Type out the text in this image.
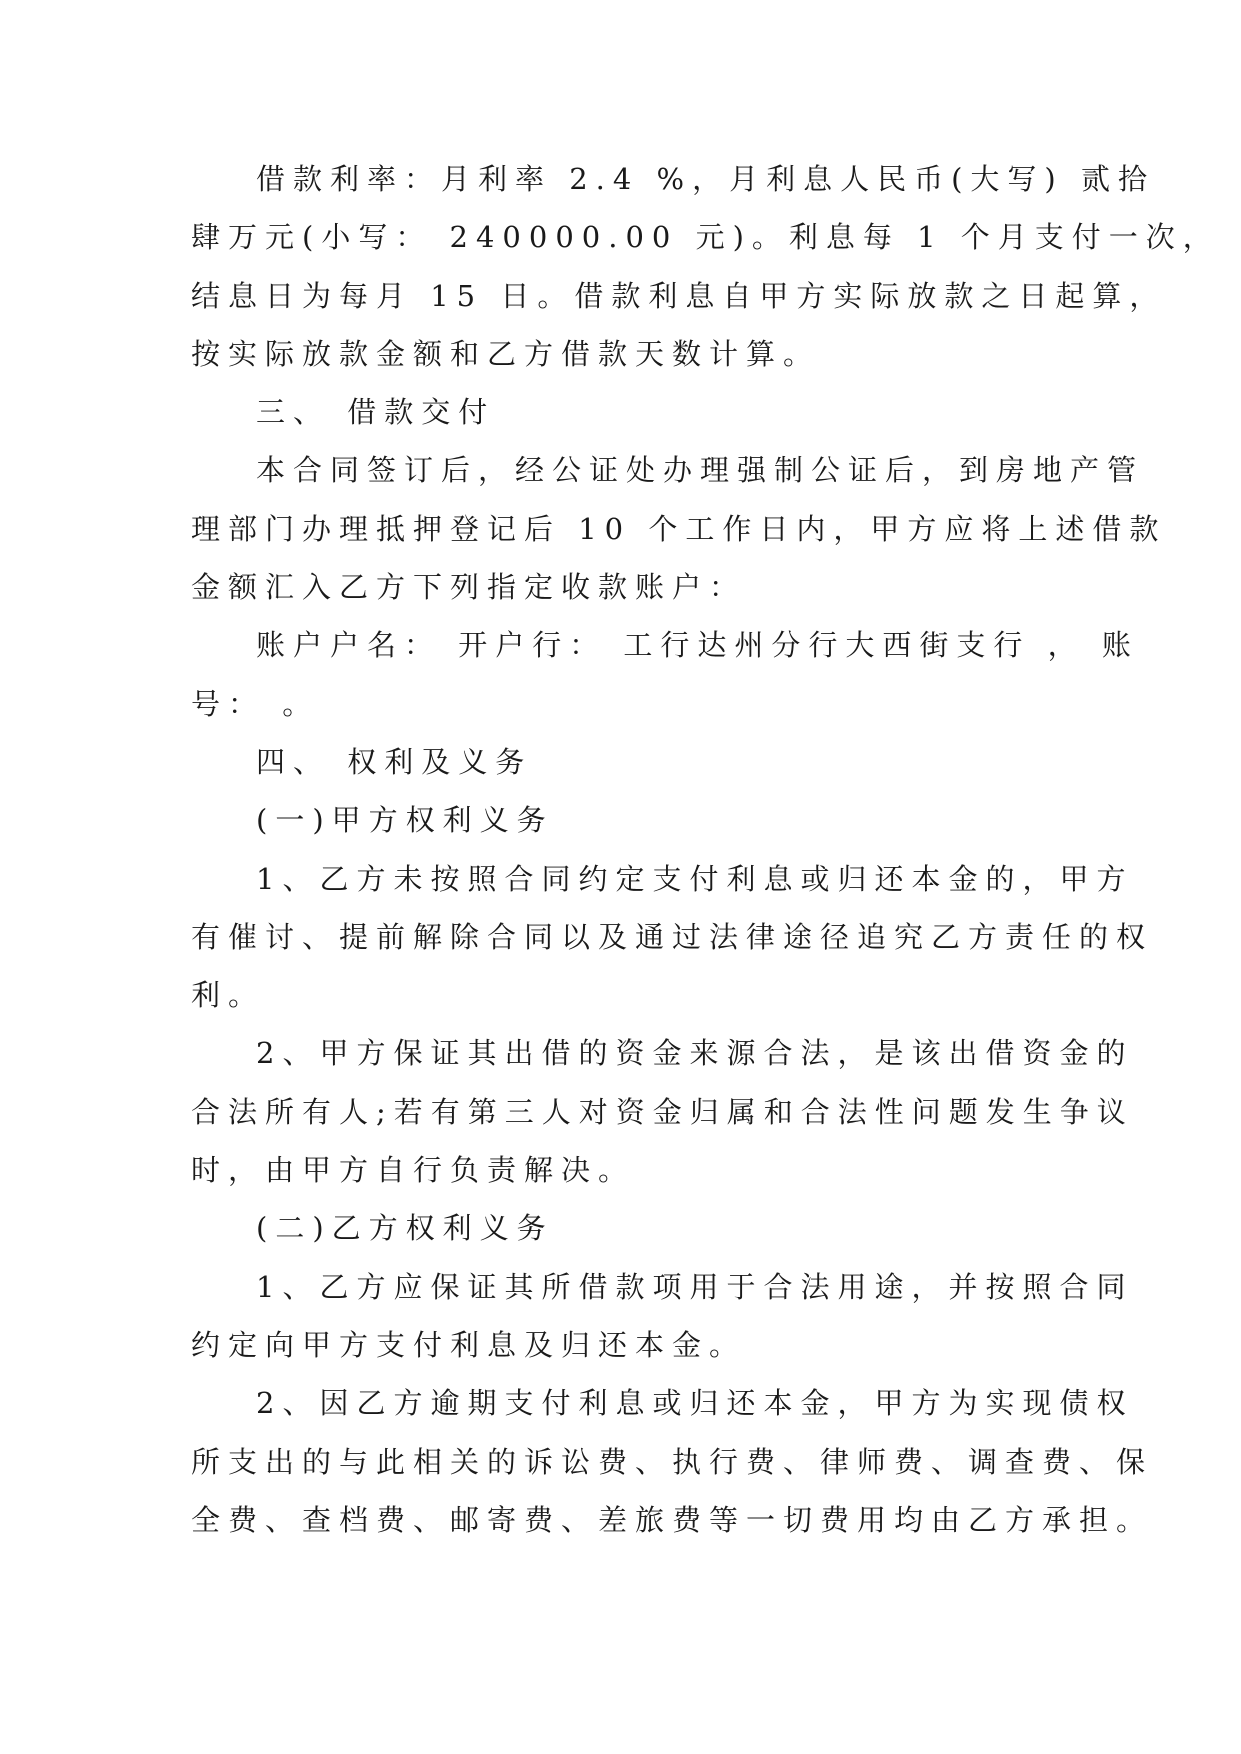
借款利率：月利率 2.4 %，月利息人民币(大写) 贰拾
肆万元(小写： 240000.00 元)。利息每 1 个月支付一次，
结息日为每月 15 日。借款利息自甲方实际放款之日起算，
按实际放款金额和乙方借款天数计算。
三、 借款交付
本合同签订后，经公证处办理强制公证后，到房地产管
理部门办理抵押登记后 10 个工作日内，甲方应将上述借款
金额汇入乙方下列指定收款账户：
账户户名： 开户行： 工行达州分行大西街支行 ， 账
号： 。
四、 权利及义务
(一)甲方权利义务
1、乙方未按照合同约定支付利息或归还本金的，甲方
有催讨、提前解除合同以及通过法律途径追究乙方责任的权
利。
2、甲方保证其出借的资金来源合法，是该出借资金的
合法所有人;若有第三人对资金归属和合法性问题发生争议
时，由甲方自行负责解决。
(二)乙方权利义务
1、乙方应保证其所借款项用于合法用途，并按照合同
约定向甲方支付利息及归还本金。
2、因乙方逾期支付利息或归还本金，甲方为实现债权
所支出的与此相关的诉讼费、执行费、律师费、调查费、保
全费、查档费、邮寄费、差旅费等一切费用均由乙方承担。
